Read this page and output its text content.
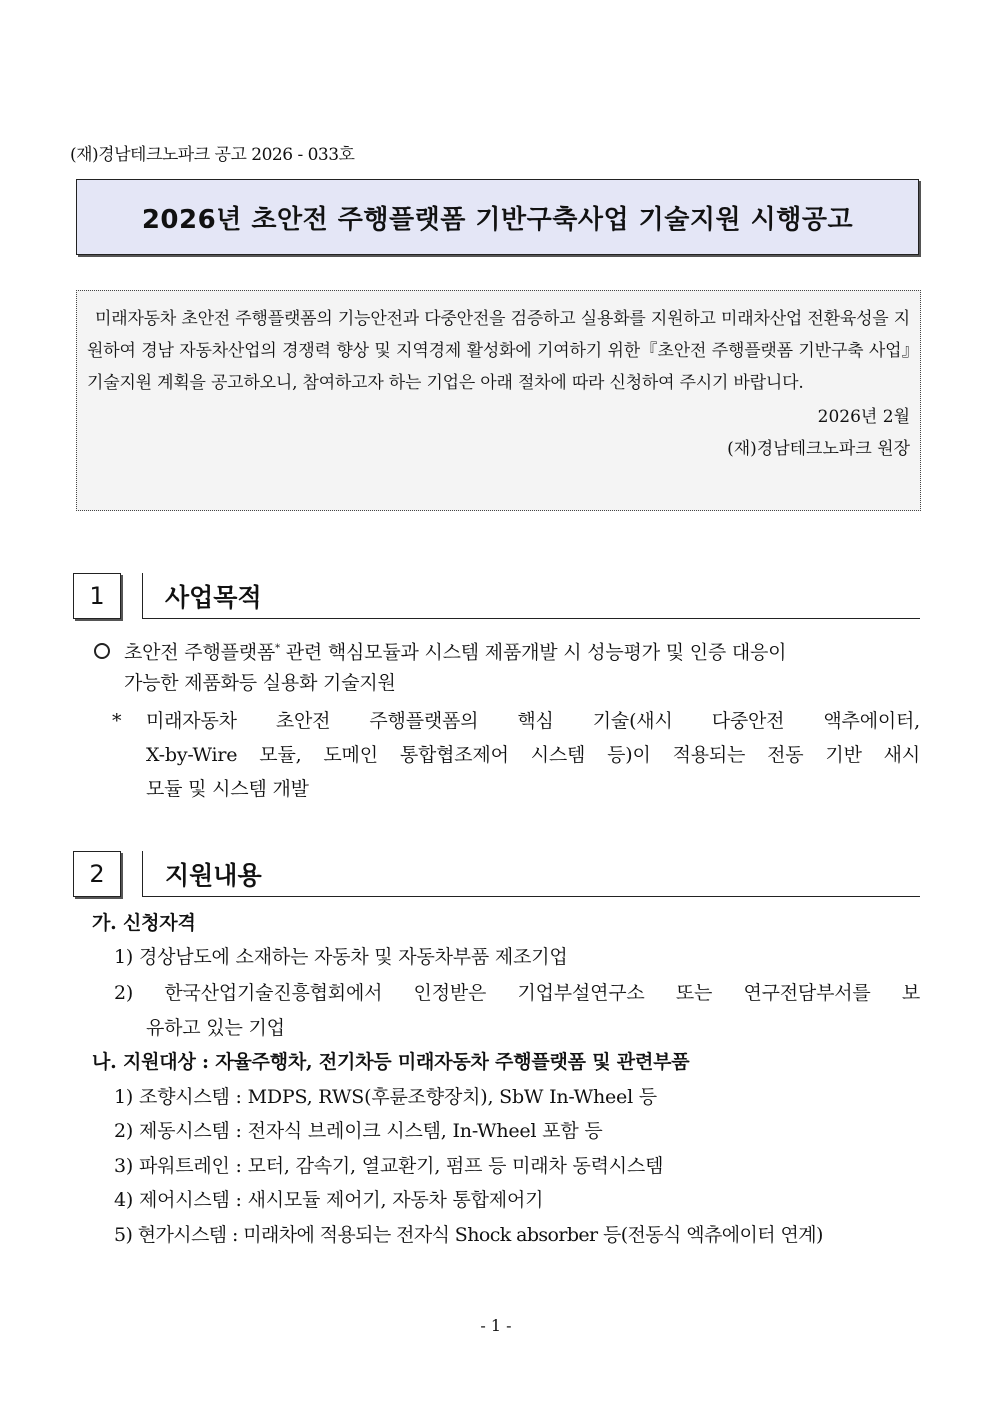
(재)경남테크노파크 공고 2026 - 033호
2026년 초안전 주행플랫폼 기반구축사업 기술지원 시행공고

미래자동차 초안전 주행플랫폼의 기능안전과 다중안전을 검증하고 실용화를 지원하고 미래차산업 전환육성을 지원하여 경남 자동차산업의 경쟁력 향상 및 지역경제 활성화에 기여하기 위한『초안전 주행플랫폼 기반구축 사업』기술지원 계획을 공고하오니, 참여하고자 하는 기업은 아래 절차에 따라 신청하여 주시기 바랍니다.

2026년 2월
(재)경남테크노파크 원장
1	사업목적
초안전 주행플랫폼* 관련 핵심모듈과 시스템 제품개발 시 성능평가 및 인증 대응이
가능한 제품화등 실용화 기술지원
* 미래자동차 초안전 주행플랫폼의 핵심 기술(새시 다중안전 액추에이터,
X-by-Wire 모듈, 도메인 통합협조제어 시스템 등)이 적용되는 전동 기반 새시
모듈 및 시스템 개발
2	지원내용
가. 신청자격
1) 경상남도에 소재하는 자동차 및 자동차부품 제조기업
2) 한국산업기술진흥협회에서 인정받은 기업부설연구소 또는 연구전담부서를 보
유하고 있는 기업
나. 지원대상 : 자율주행차, 전기차등 미래자동차 주행플랫폼 및 관련부품
1) 조향시스템 : MDPS, RWS(후륜조향장치), SbW In-Wheel 등
2) 제동시스템 : 전자식 브레이크 시스템, In-Wheel 포함 등
3) 파워트레인 : 모터, 감속기, 열교환기, 펌프 등 미래차 동력시스템
4) 제어시스템 : 새시모듈 제어기, 자동차 통합제어기
5) 현가시스템 : 미래차에 적용되는 전자식 Shock absorber 등(전동식 엑츄에이터 연계)
- 1 -
